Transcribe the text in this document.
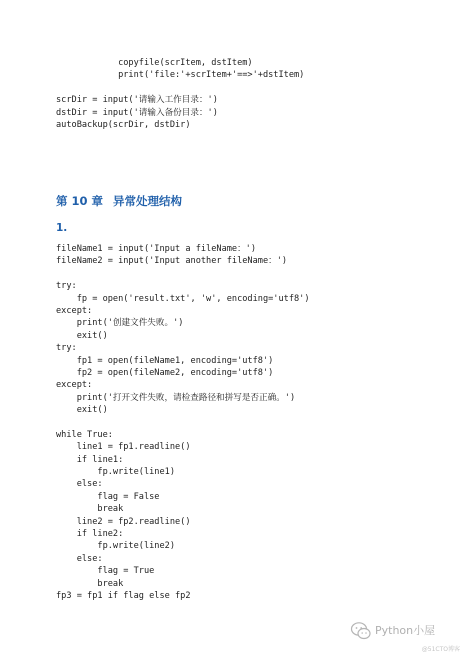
copyfile(scrItem, dstItem)
print('file:'+scrItem+'==>'+dstItem)

scrDir = input('请输入工作目录：')
dstDir = input('请输入备份目录：')
autoBackup(scrDir, dstDir)
第 10 章 异常处理结构
1.
fileName1 = input('Input a fileName：')
fileName2 = input('Input another fileName：')

try:
fp = open('result.txt', 'w', encoding='utf8')
except:
print('创建文件失败。')
exit()
try:
fp1 = open(fileName1, encoding='utf8')
fp2 = open(fileName2, encoding='utf8')
except:
print('打开文件失败，请检查路径和拼写是否正确。')
exit()

while True:
line1 = fp1.readline()
if line1:
fp.write(line1)
else:
flag = False
break
line2 = fp2.readline()
if line2:
fp.write(line2)
else:
flag = True
break
fp3 = fp1 if flag else fp2
Python小屋
@51CTO博客
